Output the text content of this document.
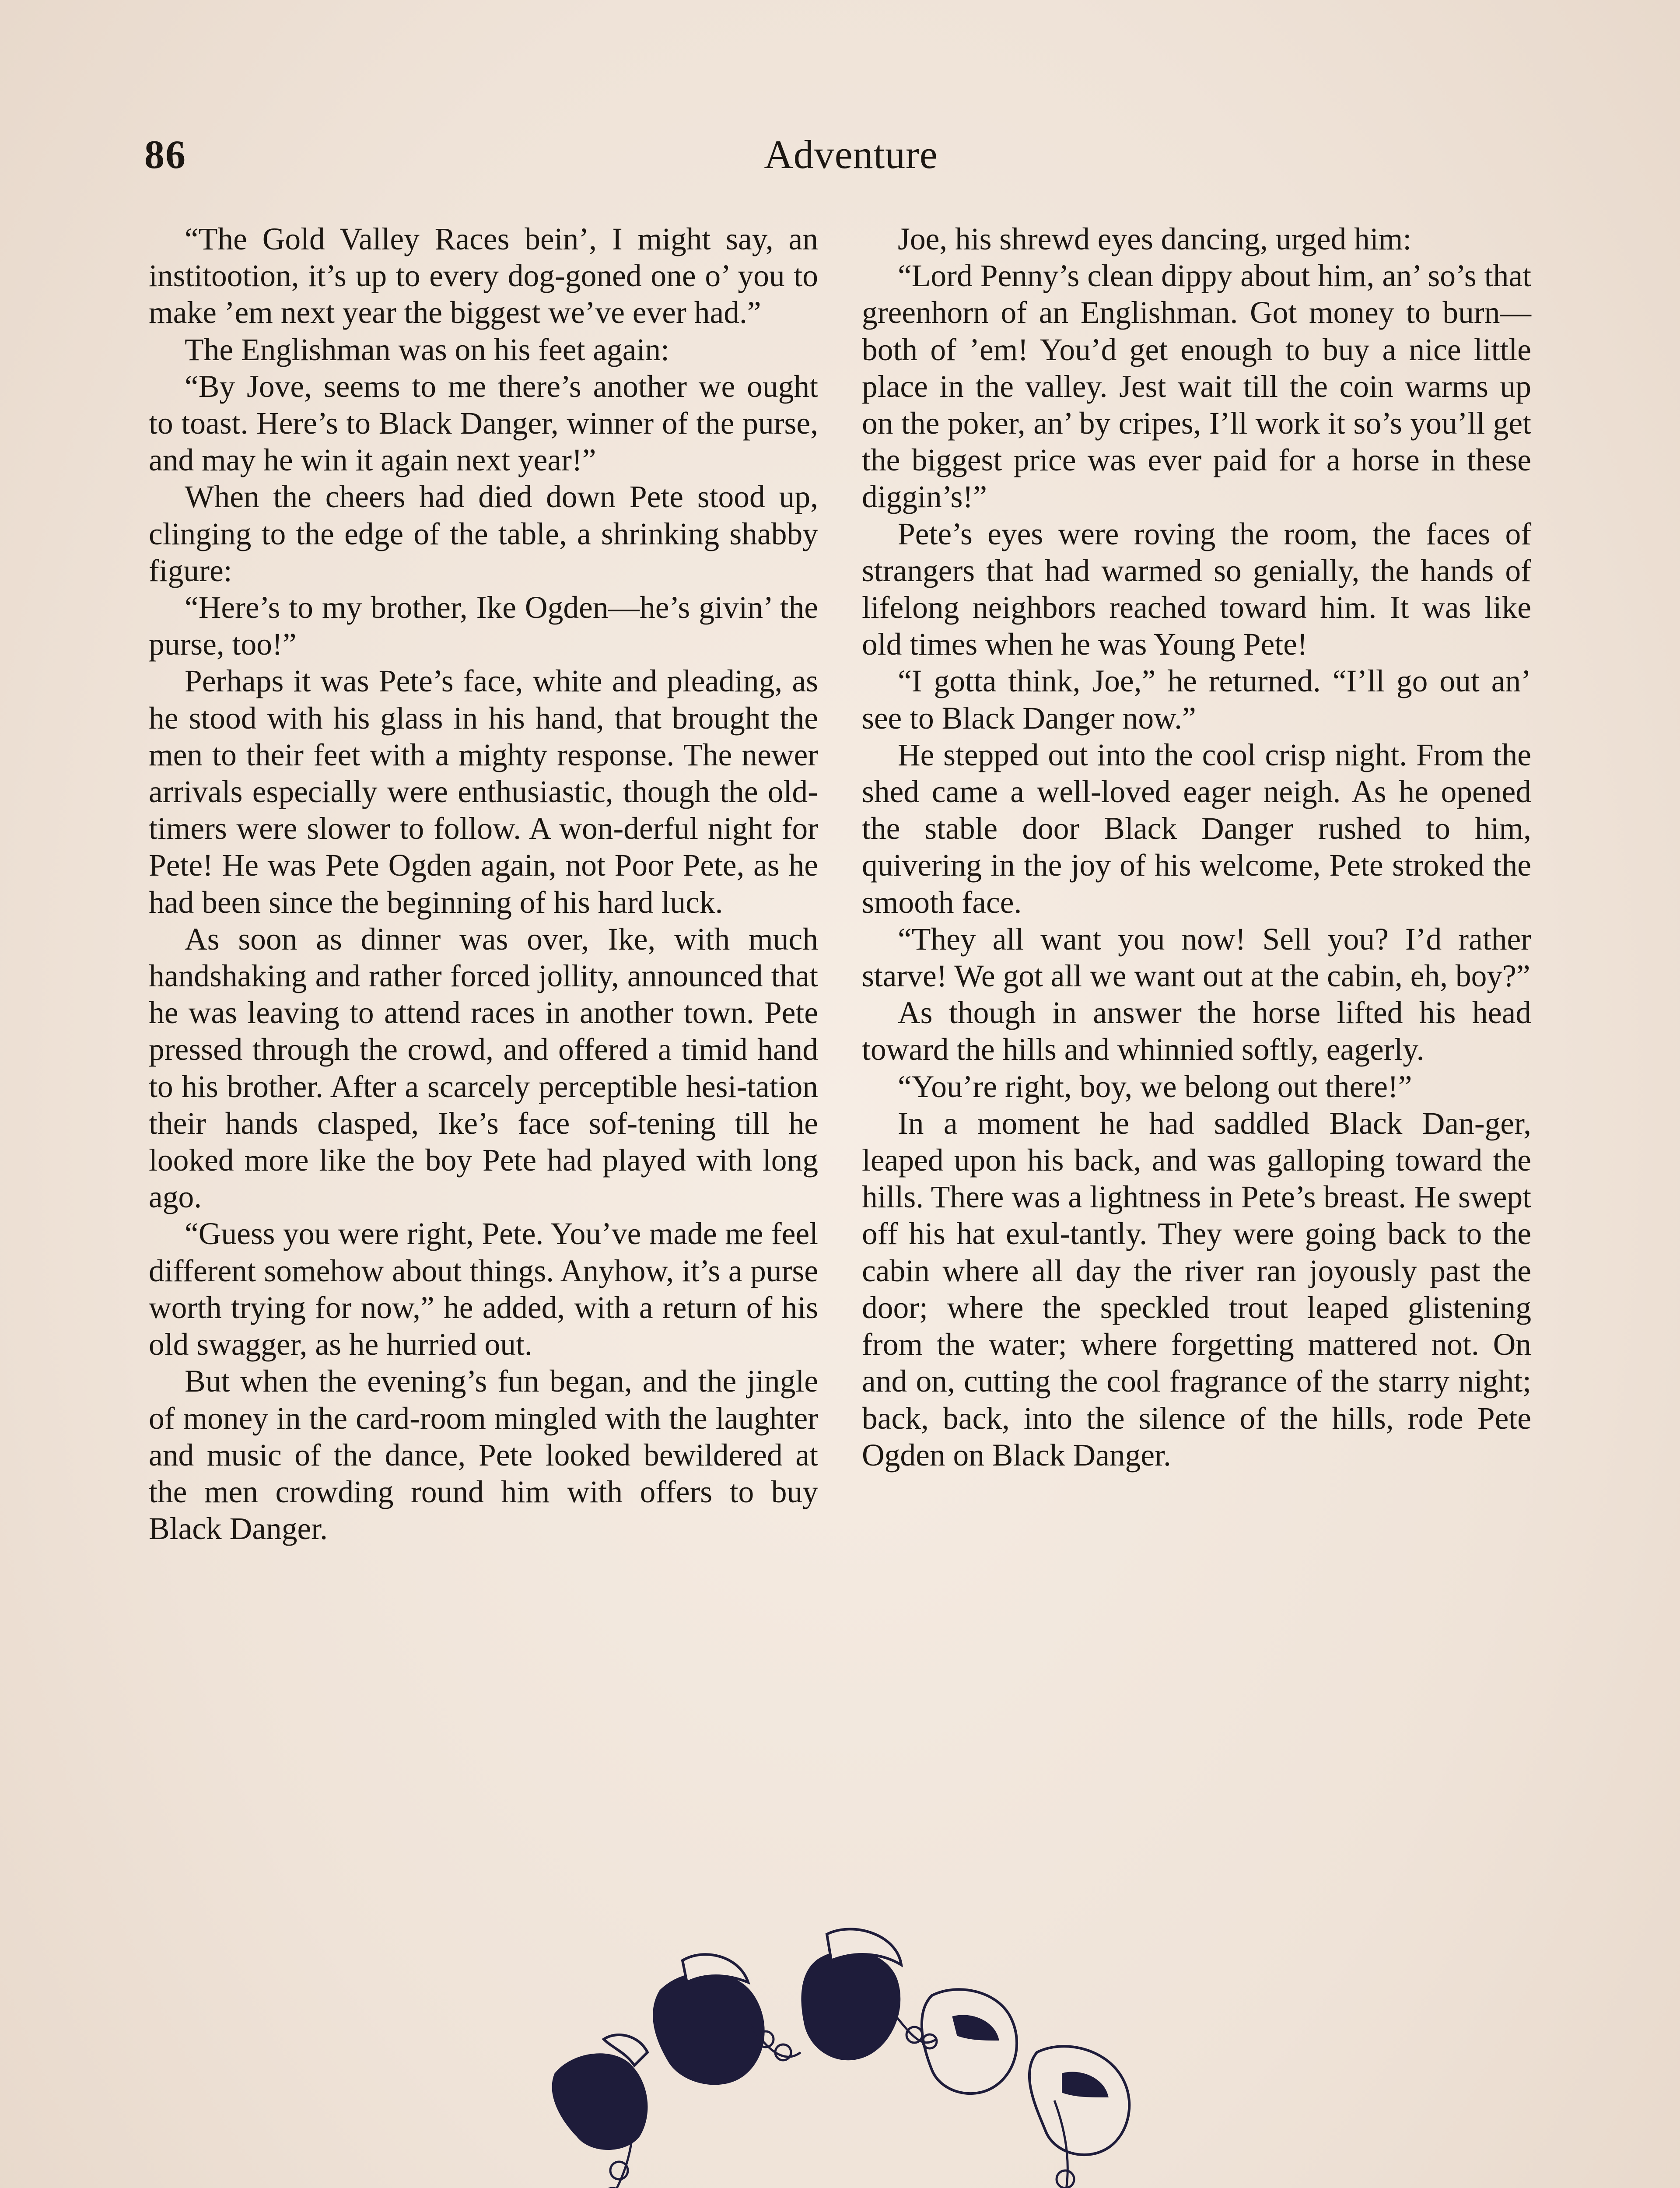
86	Adventure

“The Gold Valley Races bein’, I might say, an institootion, it’s up to every dog-goned one o’ you to make ’em next year the biggest we’ve ever had.”

The Englishman was on his feet again:

“By Jove, seems to me there’s another we ought to toast. Here’s to Black Danger, winner of the purse, and may he win it again next year!”

When the cheers had died down Pete stood up, clinging to the edge of the table, a shrinking shabby figure:

“Here’s to my brother, Ike Ogden—he’s givin’ the purse, too!”

Perhaps it was Pete’s face, white and pleading, as he stood with his glass in his hand, that brought the men to their feet with a mighty response. The newer arrivals especially were enthusiastic, though the old-timers were slower to follow. A won-derful night for Pete! He was Pete Ogden again, not Poor Pete, as he had been since the beginning of his hard luck.

As soon as dinner was over, Ike, with much handshaking and rather forced jollity, announced that he was leaving to attend races in another town. Pete pressed through the crowd, and offered a timid hand to his brother. After a scarcely perceptible hesi-tation their hands clasped, Ike’s face sof-tening till he looked more like the boy Pete had played with long ago.

“Guess you were right, Pete. You’ve made me feel different somehow about things. Anyhow, it’s a purse worth trying for now,” he added, with a return of his old swagger, as he hurried out.

But when the evening’s fun began, and the jingle of money in the card-room mingled with the laughter and music of the dance, Pete looked bewildered at the men crowding round him with offers to buy Black Danger.

Joe, his shrewd eyes dancing, urged him:

“Lord Penny’s clean dippy about him, an’ so’s that greenhorn of an Englishman. Got money to burn—both of ’em! You’d get enough to buy a nice little place in the valley. Jest wait till the coin warms up on the poker, an’ by cripes, I’ll work it so’s you’ll get the biggest price was ever paid for a horse in these diggin’s!”

Pete’s eyes were roving the room, the faces of strangers that had warmed so genially, the hands of lifelong neighbors reached toward him. It was like old times when he was Young Pete!

“I gotta think, Joe,” he returned. “I’ll go out an’ see to Black Danger now.”

He stepped out into the cool crisp night. From the shed came a well-loved eager neigh. As he opened the stable door Black Danger rushed to him, quivering in the joy of his welcome, Pete stroked the smooth face.

“They all want you now! Sell you? I’d rather starve! We got all we want out at the cabin, eh, boy?”

As though in answer the horse lifted his head toward the hills and whinnied softly, eagerly.

“You’re right, boy, we belong out there!”

In a moment he had saddled Black Dan-ger, leaped upon his back, and was galloping toward the hills. There was a lightness in Pete’s breast. He swept off his hat exul-tantly. They were going back to the cabin where all day the river ran joyously past the door; where the speckled trout leaped glistening from the water; where forgetting mattered not. On and on, cutting the cool fragrance of the starry night; back, back, into the silence of the hills, rode Pete Ogden on Black Danger.
